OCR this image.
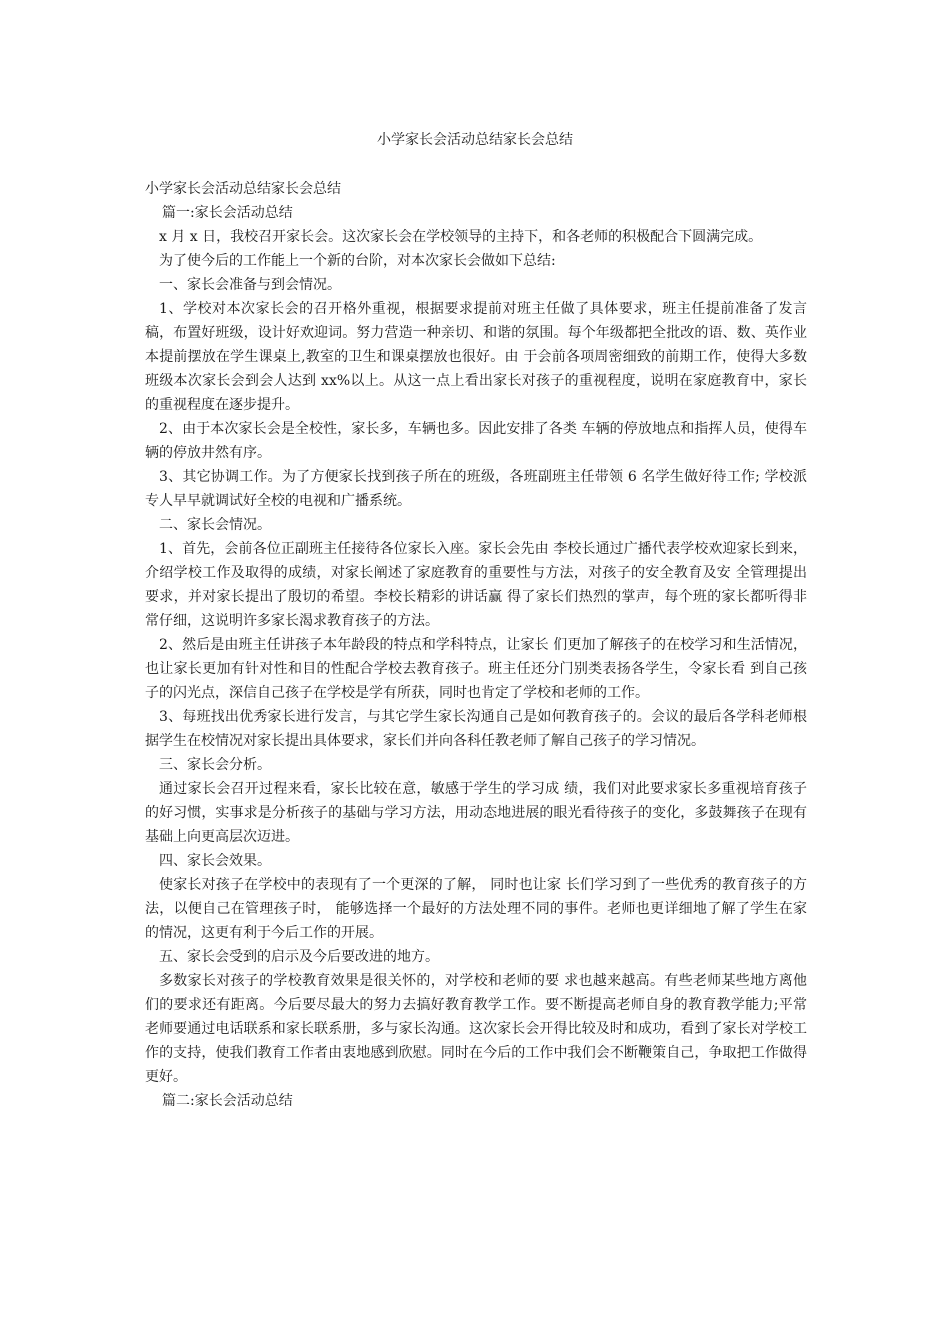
小学家长会活动总结家长会总结

小学家长会活动总结家长会总结

篇一:家长会活动总结

x 月 x 日，我校召开家长会。这次家长会在学校领导的主持下，和各老师的积极配合下圆满完成。

为了使今后的工作能上一个新的台阶，对本次家长会做如下总结:

一、家长会准备与到会情况。

1、学校对本次家长会的召开格外重视，根据要求提前对班主任做了具体要求，班主任提前准备了发言稿，布置好班级，设计好欢迎词。努力营造一种亲切、和谐的氛围。每个年级都把全批改的语、数、英作业本提前摆放在学生课桌上,教室的卫生和课桌摆放也很好。由 于会前各项周密细致的前期工作，使得大多数班级本次家长会到会人达到 xx%以上。从这一点上看出家长对孩子的重视程度，说明在家庭教育中，家长的重视程度在逐步提升。

2、由于本次家长会是全校性，家长多，车辆也多。因此安排了各类 车辆的停放地点和指挥人员，使得车辆的停放井然有序。

3、其它协调工作。为了方便家长找到孩子所在的班级，各班副班主任带领 6 名学生做好待工作; 学校派专人早早就调试好全校的电视和广播系统。

二、家长会情况。

1、首先，会前各位正副班主任接待各位家长入座。家长会先由 李校长通过广播代表学校欢迎家长到来，介绍学校工作及取得的成绩，对家长阐述了家庭教育的重要性与方法，对孩子的安全教育及安 全管理提出要求，并对家长提出了殷切的希望。李校长精彩的讲话赢 得了家长们热烈的掌声，每个班的家长都听得非常仔细，这说明许多家长渴求教育孩子的方法。

2、然后是由班主任讲孩子本年龄段的特点和学科特点，让家长 们更加了解孩子的在校学习和生活情况，也让家长更加有针对性和目的性配合学校去教育孩子。班主任还分门别类表扬各学生，令家长看 到自己孩子的闪光点，深信自己孩子在学校是学有所获，同时也肯定了学校和老师的工作。

3、每班找出优秀家长进行发言，与其它学生家长沟通自己是如何教育孩子的。会议的最后各学科老师根据学生在校情况对家长提出具体要求，家长们并向各科任教老师了解自己孩子的学习情况。

三、家长会分析。

通过家长会召开过程来看，家长比较在意，敏感于学生的学习成 绩，我们对此要求家长多重视培育孩子的好习惯，实事求是分析孩子的基础与学习方法，用动态地进展的眼光看待孩子的变化，多鼓舞孩子在现有基础上向更高层次迈进。

四、家长会效果。

使家长对孩子在学校中的表现有了一个更深的了解， 同时也让家 长们学习到了一些优秀的教育孩子的方法，以便自己在管理孩子时， 能够选择一个最好的方法处理不同的事件。老师也更详细地了解了学生在家的情况，这更有利于今后工作的开展。

五、家长会受到的启示及今后要改进的地方。

多数家长对孩子的学校教育效果是很关怀的，对学校和老师的要 求也越来越高。有些老师某些地方离他们的要求还有距离。今后要尽最大的努力去搞好教育教学工作。要不断提高老师自身的教育教学能力;平常老师要通过电话联系和家长联系册，多与家长沟通。这次家长会开得比较及时和成功，看到了家长对学校工作的支持，使我们教育工作者由衷地感到欣慰。同时在今后的工作中我们会不断鞭策自己，争取把工作做得更好。

篇二:家长会活动总结
